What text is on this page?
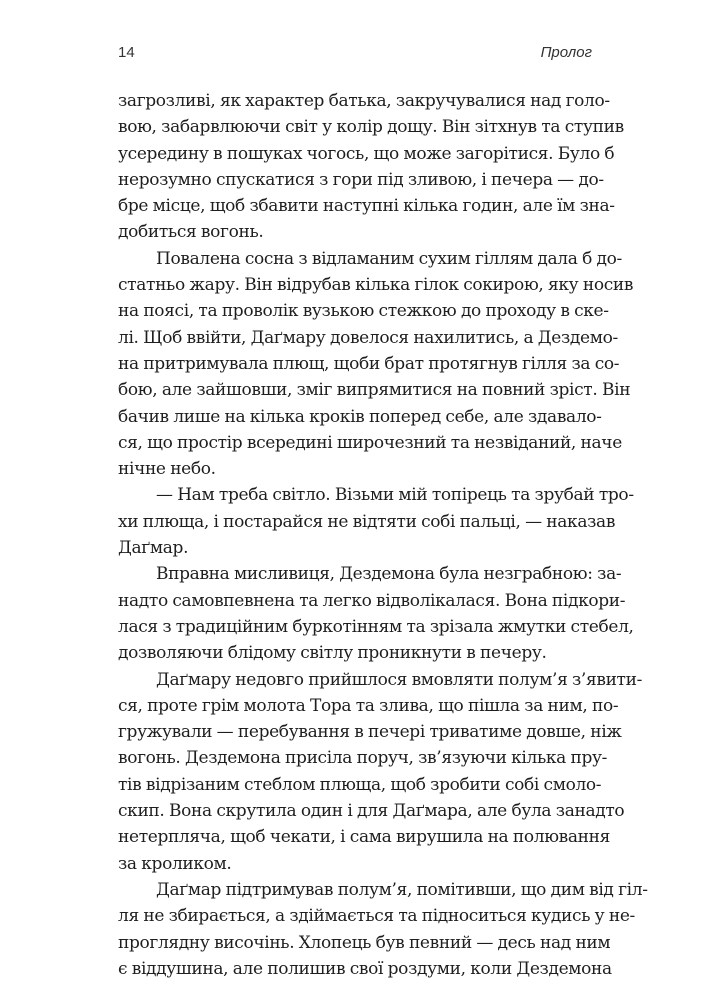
14	Пролог
загрозливі, як характер батька, закручувалися над голо-
вою, забарвлюючи світ у колір дощу. Він зітхнув та ступив
усередину в пошуках чогось, що може загорітися. Було б
нерозумно спускатися з гори під зливою, і печера — до-
бре місце, щоб збавити наступні кілька годин, але їм зна-
добиться вогонь.
Повалена сосна з відламаним сухим гіллям дала б до-
статньо жару. Він відрубав кілька гілок сокирою, яку носив
на поясі, та проволік вузькою стежкою до проходу в ске-
лі. Щоб ввійти, Даґмару довелося нахилитись, а Дездемо-
на притримувала плющ, щоби брат протягнув гілля за со-
бою, але зайшовши, зміг випрямитися на повний зріст. Він
бачив лише на кілька кроків поперед себе, але здавало-
ся, що простір всередині широчезний та незвіданий, наче
нічне небо.
— Нам треба світло. Візьми мій топірець та зрубай тро-
хи плюща, і постарайся не відтяти собі пальці, — наказав
Даґмар.
Вправна мисливиця, Дездемона була незграбною: за-
надто самовпевнена та легко відволікалася. Вона підкори-
лася з традиційним буркотінням та зрізала жмутки стебел,
дозволяючи блідому світлу проникнути в печеру.
Даґмару недовго прийшлося вмовляти полум’я з’явити-
ся, проте грім молота Тора та злива, що пішла за ним, по-
гружували — перебування в печері триватиме довше, ніж
вогонь. Дездемона присіла поруч, зв’язуючи кілька пру-
тів відрізаним стеблом плюща, щоб зробити собі смоло-
скип. Вона скрутила один і для Даґмара, але була занадто
нетерпляча, щоб чекати, і сама вирушила на полювання
за кроликом.
Даґмар підтримував полум’я, помітивши, що дим від гіл-
ля не збирається, а здіймається та підноситься кудись у не-
проглядну височінь. Хлопець був певний — десь над ним
є віддушина, але полишив свої роздуми, коли Дездемона
